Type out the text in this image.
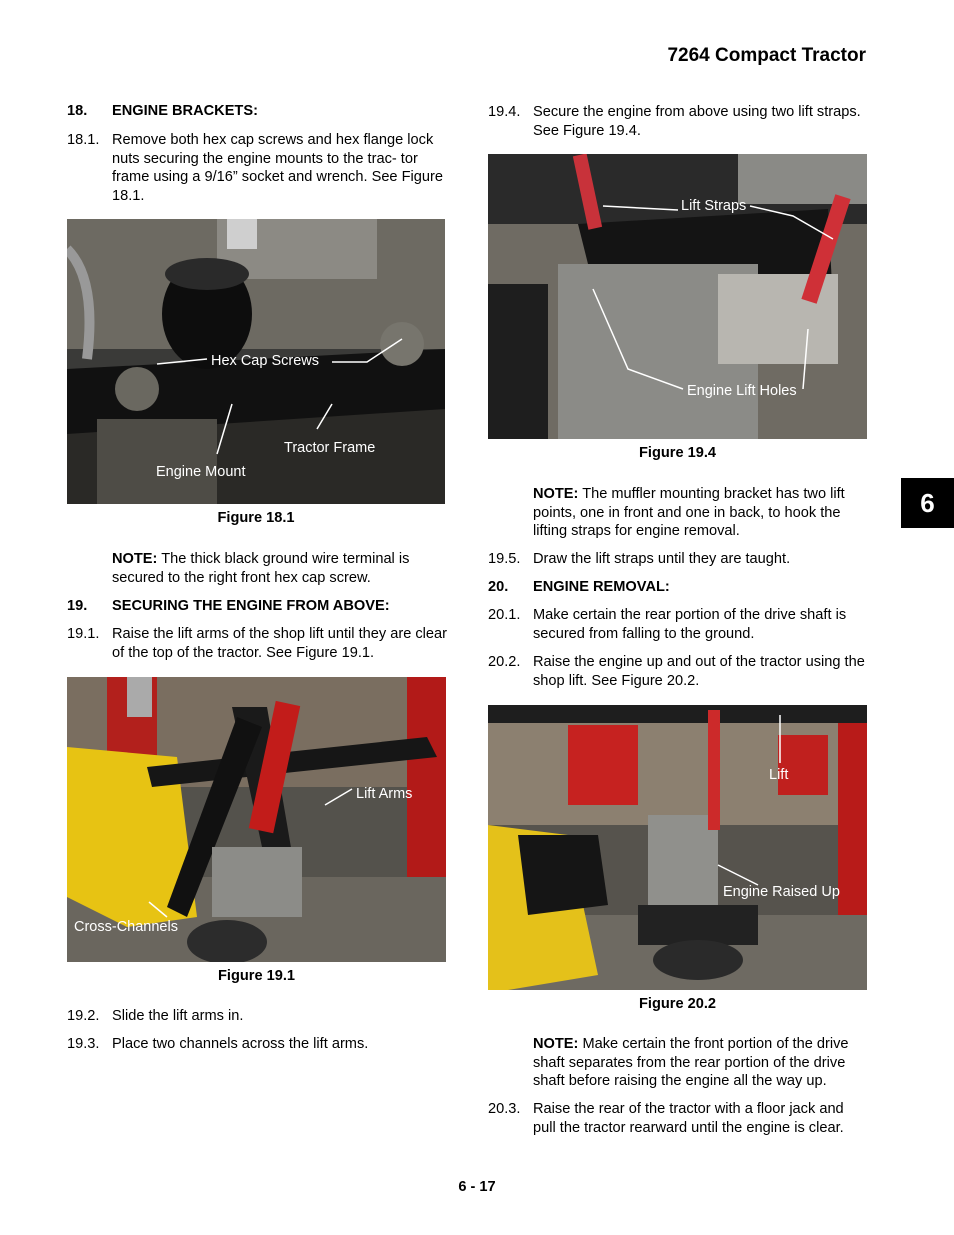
7264 Compact Tractor
6
18. ENGINE BRACKETS:
18.1. Remove both hex cap screws and hex flange lock nuts securing the engine mounts to the trac- tor frame using a 9/16” socket and wrench. See Figure 18.1.
Hex Cap Screws
Tractor Frame
Engine Mount
Figure 18.1
NOTE: The thick black ground wire terminal is secured to the right front hex cap screw.
19. SECURING THE ENGINE FROM ABOVE:
19.1. Raise the lift arms of the shop lift until they are clear of the top of the tractor. See Figure 19.1.
Lift Arms
Cross-Channels
Figure 19.1
19.2. Slide the lift arms in.
19.3. Place two channels across the lift arms.
19.4. Secure the engine from above using two lift straps. See Figure 19.4.
Lift Straps
Engine Lift Holes
Figure 19.4
NOTE: The muffler mounting bracket has two lift points, one in front and one in back, to hook the lifting straps for engine removal.
19.5. Draw the lift straps until they are taught.
20. ENGINE REMOVAL:
20.1. Make certain the rear portion of the drive shaft is secured from falling to the ground.
20.2. Raise the engine up and out of the tractor using the shop lift. See Figure 20.2.
Lift
Engine Raised Up
Figure 20.2
NOTE: Make certain the front portion of the drive shaft separates from the rear portion of the drive shaft before raising the engine all the way up.
20.3. Raise the rear of the tractor with a floor jack and pull the tractor rearward until the engine is clear.
6 - 17
